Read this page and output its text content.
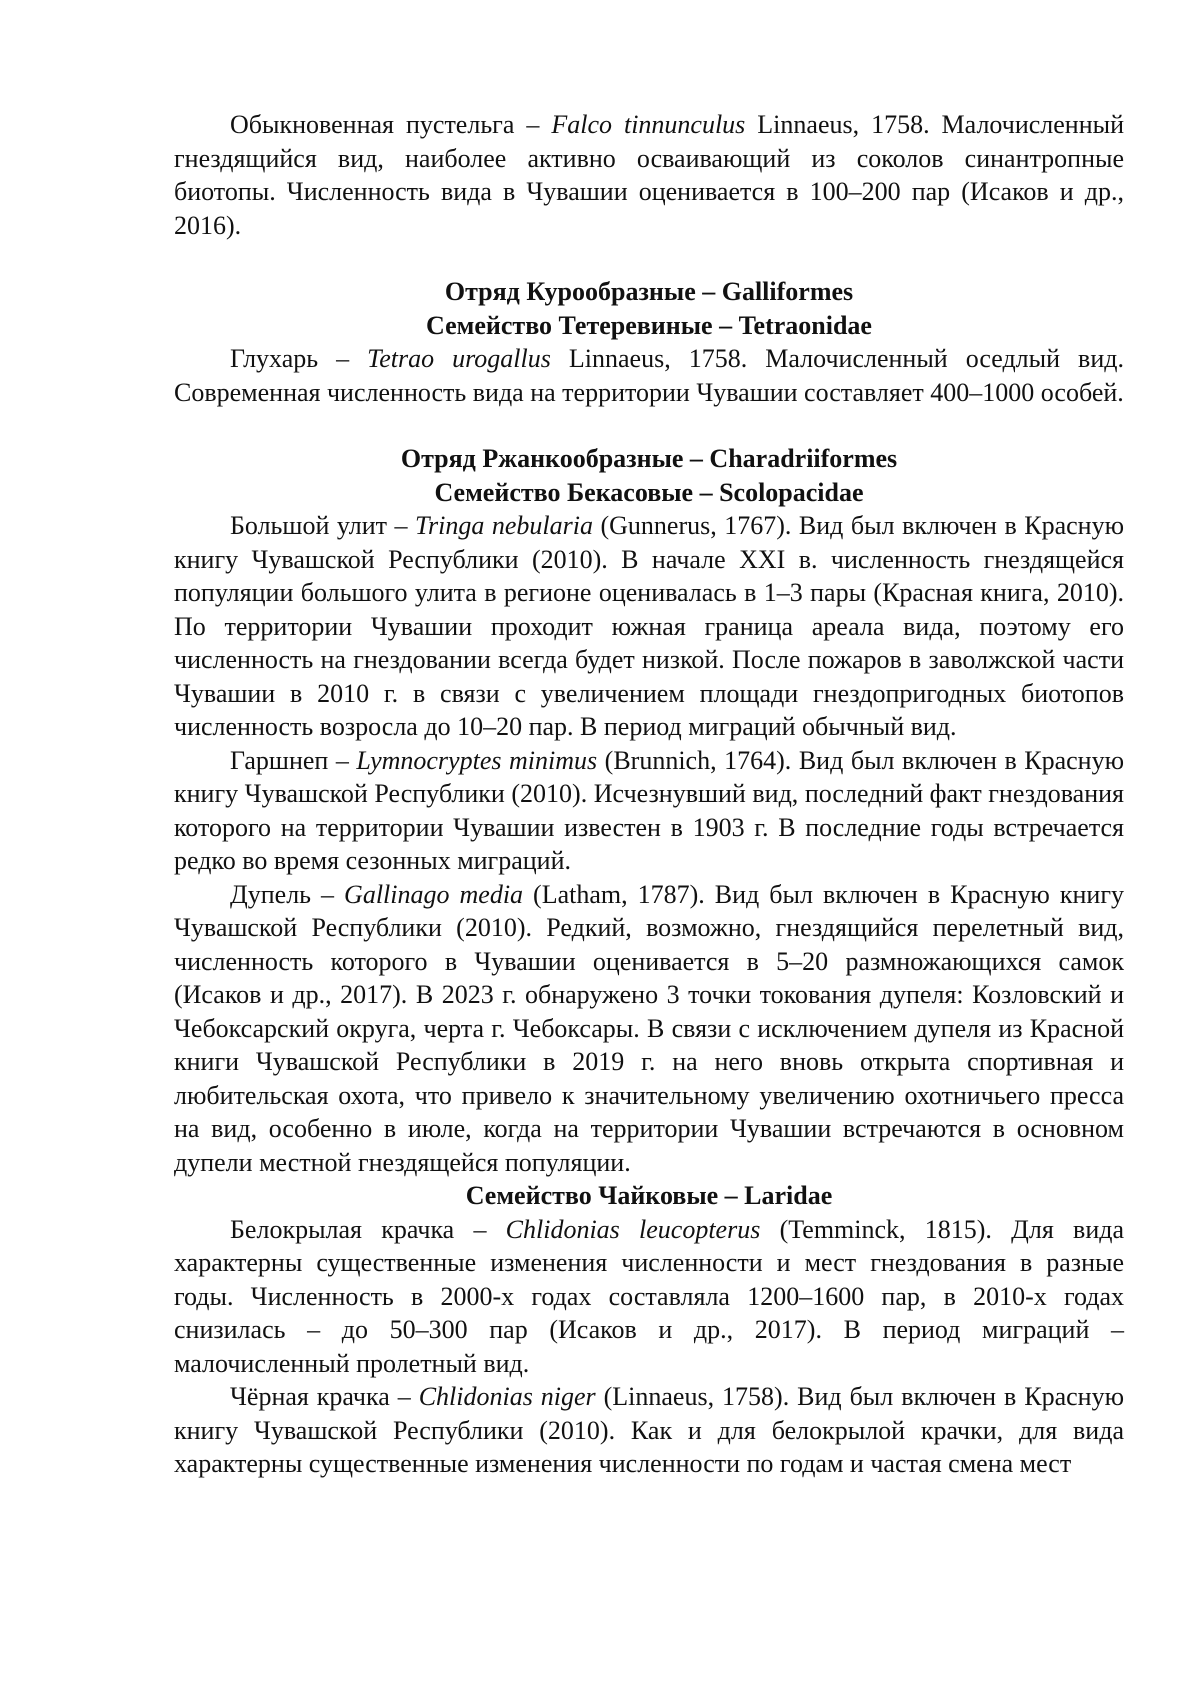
Обыкновенная пустельга – Falco tinnunculus Linnaeus, 1758. Малочисленный гнездящийся вид, наиболее активно осваивающий из соколов синантропные биотопы. Численность вида в Чувашии оценивается в 100–200 пар (Исаков и др., 2016).

Отряд Курообразные – Galliformes

Семейство Тетеревиные – Tetraonidae

Глухарь – Tetrao urogallus Linnaeus, 1758. Малочисленный оседлый вид. Современная численность вида на территории Чувашии составляет 400–1000 особей.

Отряд Ржанкообразные – Charadriiformes

Семейство Бекасовые – Scolopacidae

Большой улит – Tringa nebularia (Gunnerus, 1767). Вид был включен в Красную книгу Чувашской Республики (2010). В начале XXI в. численность гнездящейся популяции большого улита в регионе оценивалась в 1–3 пары (Красная книга, 2010). По территории Чувашии проходит южная граница ареала вида, поэтому его численность на гнездовании всегда будет низкой. После пожаров в заволжской части Чувашии в 2010 г. в связи с увеличением площади гнездопригодных биотопов численность возросла до 10–20 пар. В период миграций обычный вид.

Гаршнеп – Lymnocryptes minimus (Brunnich, 1764). Вид был включен в Красную книгу Чувашской Республики (2010). Исчезнувший вид, последний факт гнездования которого на территории Чувашии известен в 1903 г. В последние годы встречается редко во время сезонных миграций.

Дупель – Gallinago media (Latham, 1787). Вид был включен в Красную книгу Чувашской Республики (2010). Редкий, возможно, гнездящийся перелетный вид, численность которого в Чувашии оценивается в 5–20 размножающихся самок (Исаков и др., 2017). В 2023 г. обнаружено 3 точки токования дупеля: Козловский и Чебоксарский округа, черта г. Чебоксары. В связи с исключением дупеля из Красной книги Чувашской Республики в 2019 г. на него вновь открыта спортивная и любительская охота, что привело к значительному увеличению охотничьего пресса на вид, особенно в июле, когда на территории Чувашии встречаются в основном дупели местной гнездящейся популяции.

Семейство Чайковые – Laridae

Белокрылая крачка – Chlidonias leucopterus (Temminck, 1815). Для вида характерны существенные изменения численности и мест гнездования в разные годы. Численность в 2000-х годах составляла 1200–1600 пар, в 2010-х годах снизилась – до 50–300 пар (Исаков и др., 2017). В период миграций – малочисленный пролетный вид.

Чёрная крачка – Chlidonias niger (Linnaeus, 1758). Вид был включен в Красную книгу Чувашской Республики (2010). Как и для белокрылой крачки, для вида характерны существенные изменения численности по годам и частая смена мест
